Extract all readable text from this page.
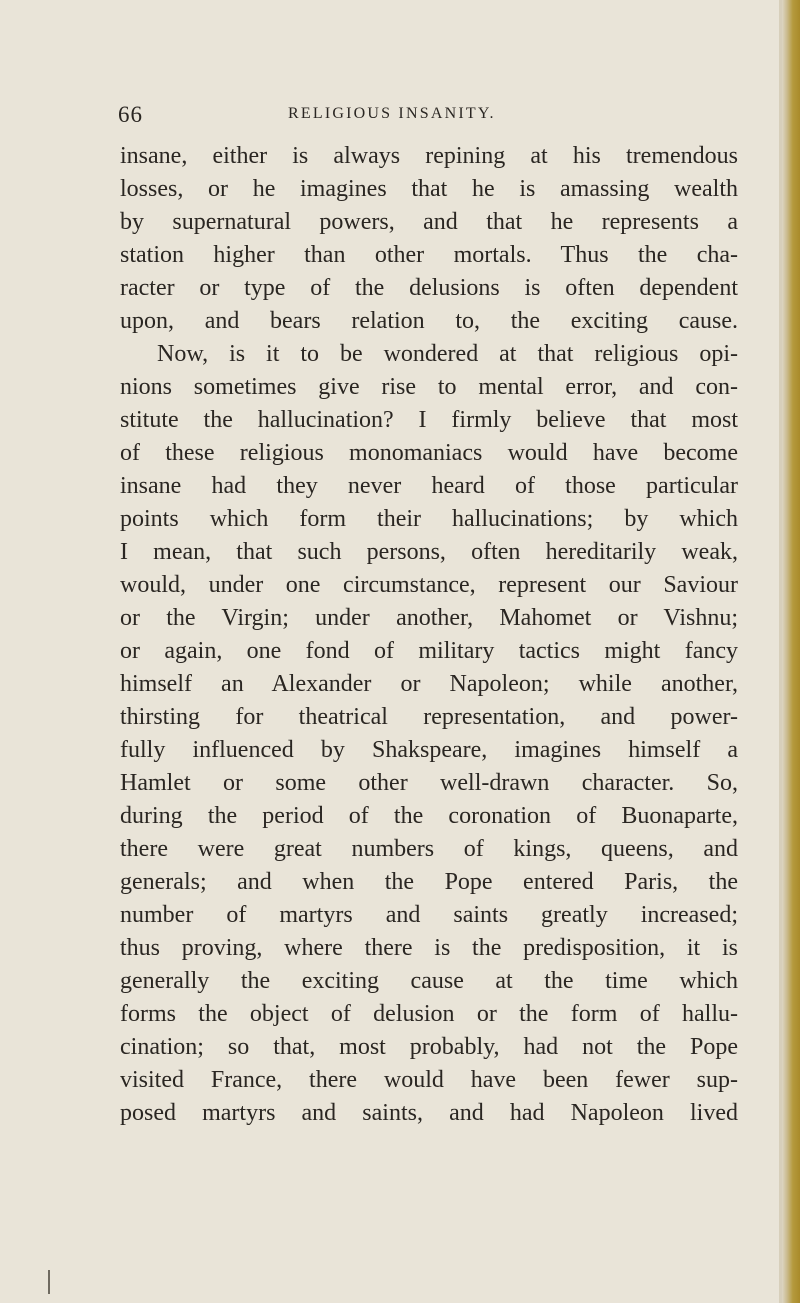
66	RELIGIOUS INSANITY.
insane, either is always repining at his tremendous
losses, or he imagines that he is amassing wealth
by supernatural powers, and that he represents a
station higher than other mortals. Thus the cha-
racter or type of the delusions is often dependent
upon, and bears relation to, the exciting cause.
Now, is it to be wondered at that religious opi-
nions sometimes give rise to mental error, and con-
stitute the hallucination? I firmly believe that most
of these religious monomaniacs would have become
insane had they never heard of those particular
points which form their hallucinations; by which
I mean, that such persons, often hereditarily weak,
would, under one circumstance, represent our Saviour
or the Virgin; under another, Mahomet or Vishnu;
or again, one fond of military tactics might fancy
himself an Alexander or Napoleon; while another,
thirsting for theatrical representation, and power-
fully influenced by Shakspeare, imagines himself a
Hamlet or some other well-drawn character. So,
during the period of the coronation of Buonaparte,
there were great numbers of kings, queens, and
generals; and when the Pope entered Paris, the
number of martyrs and saints greatly increased;
thus proving, where there is the predisposition, it is
generally the exciting cause at the time which
forms the object of delusion or the form of hallu-
cination; so that, most probably, had not the Pope
visited France, there would have been fewer sup-
posed martyrs and saints, and had Napoleon lived
